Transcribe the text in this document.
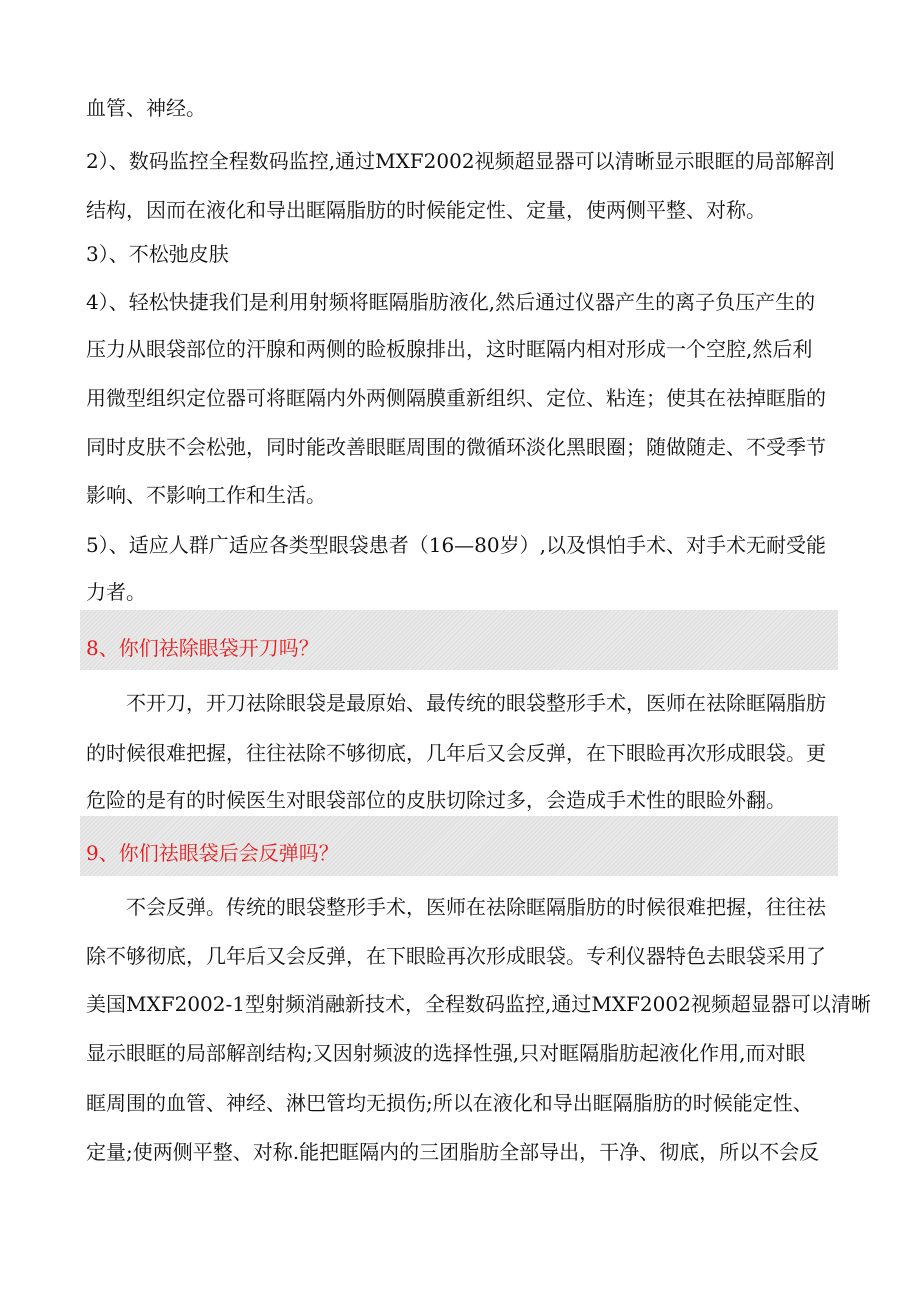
血管、神经。
2）、数码监控全程数码监控,通过MXF2002视频超显器可以清晰显示眼眶的局部解剖
结构，因而在液化和导出眶隔脂肪的时候能定性、定量，使两侧平整、对称。
3）、不松弛皮肤
4）、轻松快捷我们是利用射频将眶隔脂肪液化,然后通过仪器产生的离子负压产生的
压力从眼袋部位的汗腺和两侧的睑板腺排出，这时眶隔内相对形成一个空腔,然后利
用微型组织定位器可将眶隔内外两侧隔膜重新组织、定位、粘连；使其在祛掉眶脂的
同时皮肤不会松弛，同时能改善眼眶周围的微循环淡化黑眼圈；随做随走、不受季节
影响、不影响工作和生活。
5）、适应人群广适应各类型眼袋患者（16—80岁）,以及惧怕手术、对手术无耐受能
力者。
8、你们祛除眼袋开刀吗？
不开刀，开刀祛除眼袋是最原始、最传统的眼袋整形手术，医师在祛除眶隔脂肪
的时候很难把握，往往祛除不够彻底，几年后又会反弹，在下眼睑再次形成眼袋。更
危险的是有的时候医生对眼袋部位的皮肤切除过多，会造成手术性的眼睑外翻。
9、你们祛眼袋后会反弹吗？
不会反弹。传统的眼袋整形手术，医师在祛除眶隔脂肪的时候很难把握，往往祛
除不够彻底，几年后又会反弹，在下眼睑再次形成眼袋。专利仪器特色去眼袋采用了
美国MXF2002-1型射频消融新技术，全程数码监控,通过MXF2002视频超显器可以清晰
显示眼眶的局部解剖结构;又因射频波的选择性强,只对眶隔脂肪起液化作用,而对眼
眶周围的血管、神经、淋巴管均无损伤;所以在液化和导出眶隔脂肪的时候能定性、
定量;使两侧平整、对称.能把眶隔内的三团脂肪全部导出，干净、彻底，所以不会反
